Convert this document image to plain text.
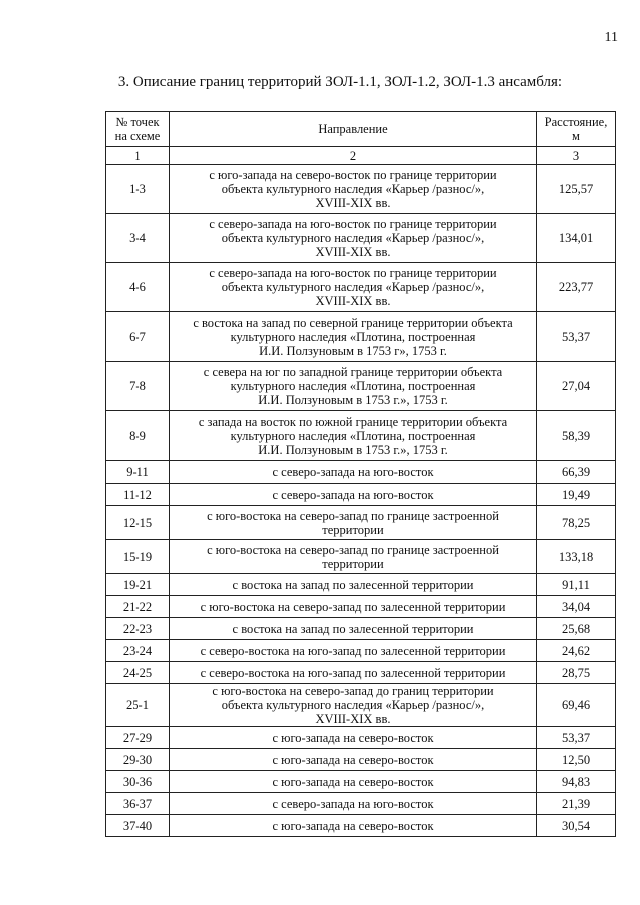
11
3. Описание границ территорий ЗОЛ-1.1, ЗОЛ-1.2, ЗОЛ-1.3 ансамбля:
№ точек на схеме	Направление	Расстояние, м
1	2	3
1-3	с юго-запада на северо-восток по границе территории
объекта культурного наследия «Карьер /разнос/»,
XVIII-XIX вв.	125,57
3-4	с северо-запада на юго-восток по границе территории
объекта культурного наследия «Карьер /разнос/»,
XVIII-XIX вв.	134,01
4-6	с северо-запада на юго-восток по границе территории
объекта культурного наследия «Карьер /разнос/»,
XVIII-XIX вв.	223,77
6-7	с востока на запад по северной границе территории объекта
культурного наследия «Плотина, построенная
И.И. Ползуновым в 1753 г», 1753 г.	53,37
7-8	с севера на юг по западной границе территории объекта
культурного наследия «Плотина, построенная
И.И. Ползуновым в 1753 г.», 1753 г.	27,04
8-9	с запада на восток по южной границе территории объекта
культурного наследия «Плотина, построенная
И.И. Ползуновым в 1753 г.», 1753 г.	58,39
9-11	с северо-запада на юго-восток	66,39
11-12	с северо-запада на юго-восток	19,49
12-15	с юго-востока на северо-запад по границе застроенной
территории	78,25
15-19	с юго-востока на северо-запад по границе застроенной
территории	133,18
19-21	с востока на запад по залесенной территории	91,11
21-22	с юго-востока на северо-запад по залесенной территории	34,04
22-23	с востока на запад по залесенной территории	25,68
23-24	с северо-востока на юго-запад по залесенной территории	24,62
24-25	с северо-востока на юго-запад по залесенной территории	28,75
25-1	с юго-востока на северо-запад до границ территории
объекта культурного наследия «Карьер /разнос/»,
XVIII-XIX вв.	69,46
27-29	с юго-запада на северо-восток	53,37
29-30	с юго-запада на северо-восток	12,50
30-36	с юго-запада на северо-восток	94,83
36-37	с северо-запада на юго-восток	21,39
37-40	с юго-запада на северо-восток	30,54
